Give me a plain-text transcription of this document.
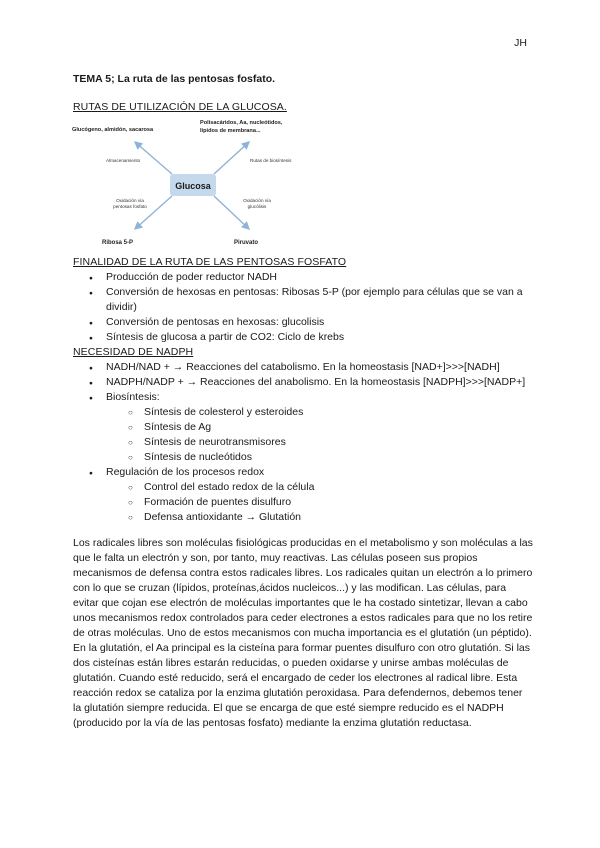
JH
TEMA 5; La ruta de las pentosas fosfato.
RUTAS DE UTILIZACIÓN DE LA GLUCOSA.
Glucosa
Glucógeno, almidón, sacarosa
Polisacáridos, Aa, nucleótidos,
lípidos de membrana...
Ribosa 5-P	Piruvato
Almacenamiento	Rutas de biosíntesis
Oxidación vía
pentosas fosfato
Oxidación vía
glucólisis
FINALIDAD DE LA RUTA DE LAS PENTOSAS FOSFATO
● Producción de poder reductor NADH
● Conversión de hexosas en pentosas: Ribosas 5-P (por ejemplo para células que se van a dividir)
● Conversión de pentosas en hexosas: glucolisis
● Síntesis de glucosa a partir de CO2: Ciclo de krebs
NECESIDAD DE NADPH
● NADH/NAD + → Reacciones del catabolismo. En la homeostasis [NAD+]>>>[NADH]
● NADPH/NADP + → Reacciones del anabolismo. En la homeostasis [NADPH]>>>[NADP+]
● Biosíntesis:
○ Síntesis de colesterol y esteroides
○ Síntesis de Ag
○ Síntesis de neurotransmisores
○ Síntesis de nucleótidos
● Regulación de los procesos redox
○ Control del estado redox de la célula
○ Formación de puentes disulfuro
○ Defensa antioxidante → Glutatión

Los radicales libres son moléculas fisiológicas producidas en el metabolismo y son moléculas a las que le falta un electrón y son, por tanto, muy reactivas. Las células poseen sus propios mecanismos de defensa contra estos radicales libres. Los radicales quitan un electrón a lo primero con lo que se cruzan (lípidos, proteínas,ácidos nucleicos...) y las modifican. Las células, para evitar que cojan ese electrón de moléculas importantes que le ha costado sintetizar, llevan a cabo unos mecanismos redox controlados para ceder electrones a estos radicales para que no los retire de otras moléculas. Uno de estos mecanismos con mucha importancia es el glutatión (un péptido). En la glutatión, el Aa principal es la cisteína para formar puentes disulfuro con otro glutatión. Si las dos cisteínas están libres estarán reducidas, o pueden oxidarse y unirse ambas moléculas de glutatión. Cuando esté reducido, será el encargado de ceder los electrones al radical libre. Esta reacción redox se cataliza por la enzima glutatión peroxidasa. Para defendernos, debemos tener la glutatión siempre reducida. El que se encarga de que esté siempre reducido es el NADPH (producido por la vía de las pentosas fosfato) mediante la enzima glutatión reductasa.
